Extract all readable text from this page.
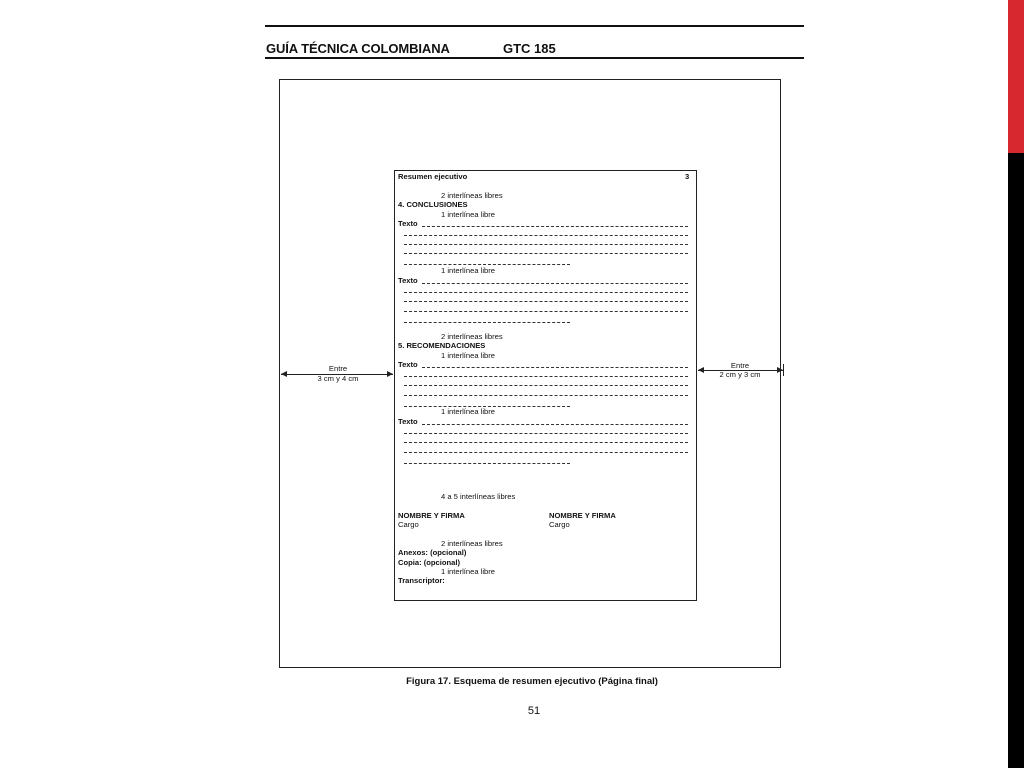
GUÍA TÉCNICA COLOMBIANA	GTC 185
Resumen ejecutivo	3
2 interlíneas libres
4. CONCLUSIONES
1 interlínea libre
Texto
1 interlínea libre
Texto
2 interlíneas libres
5. RECOMENDACIONES
1 interlínea libre
Texto
1 interlínea libre
Texto
4 a 5 interlíneas libres
NOMBRE Y FIRMA
Cargo
NOMBRE Y FIRMA
Cargo
2 interlíneas libres
Anexos: (opcional)
Copia: (opcional)
1 interlínea libre
Transcriptor:
Entre
3 cm y 4 cm
Entre
2 cm y 3 cm
Figura 17. Esquema de resumen ejecutivo (Página final)
51
